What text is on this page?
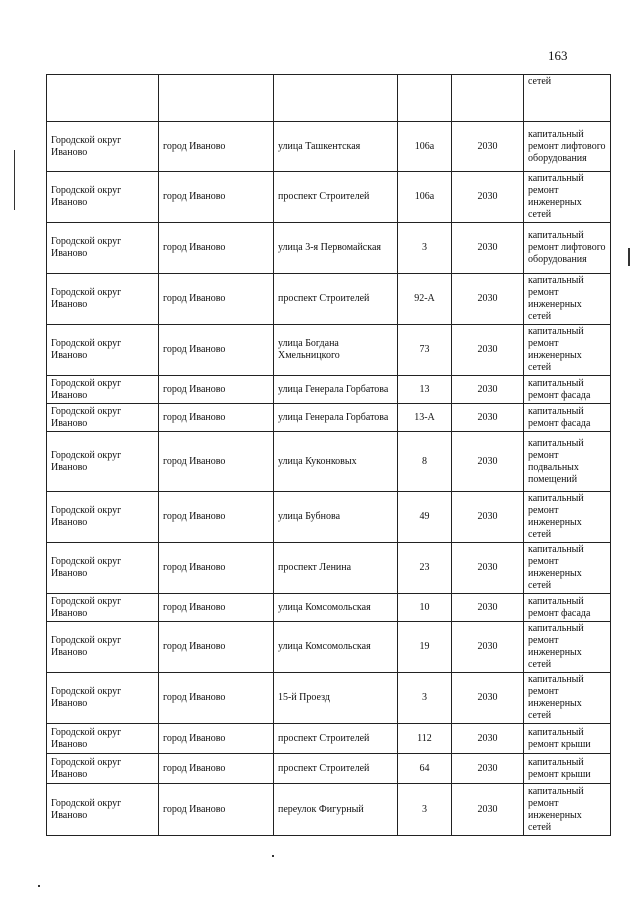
163
					сетей
Городской округ Иваново	город Иваново	улица Ташкентская	106а	2030	капитальный ремонт лифтового оборудования
Городской округ Иваново	город Иваново	проспект Строителей	106а	2030	капитальный ремонт инженерных сетей
Городской округ Иваново	город Иваново	улица 3-я Первомайская	3	2030	капитальный ремонт лифтового оборудования
Городской округ Иваново	город Иваново	проспект Строителей	92-А	2030	капитальный ремонт инженерных сетей
Городской округ Иваново	город Иваново	улица Богдана Хмельницкого	73	2030	капитальный ремонт инженерных сетей
Городской округ Иваново	город Иваново	улица Генерала Горбатова	13	2030	капитальный ремонт фасада
Городской округ Иваново	город Иваново	улица Генерала Горбатова	13-А	2030	капитальный ремонт фасада
Городской округ Иваново	город Иваново	улица Куконковых	8	2030	капитальный ремонт подвальных помещений
Городской округ Иваново	город Иваново	улица Бубнова	49	2030	капитальный ремонт инженерных сетей
Городской округ Иваново	город Иваново	проспект Ленина	23	2030	капитальный ремонт инженерных сетей
Городской округ Иваново	город Иваново	улица Комсомольская	10	2030	капитальный ремонт фасада
Городской округ Иваново	город Иваново	улица Комсомольская	19	2030	капитальный ремонт инженерных сетей
Городской округ Иваново	город Иваново	15-й Проезд	3	2030	капитальный ремонт инженерных сетей
Городской округ Иваново	город Иваново	проспект Строителей	112	2030	капитальный ремонт крыши
Городской округ Иваново	город Иваново	проспект Строителей	64	2030	капитальный ремонт крыши
Городской округ Иваново	город Иваново	переулок Фигурный	3	2030	капитальный ремонт инженерных сетей
